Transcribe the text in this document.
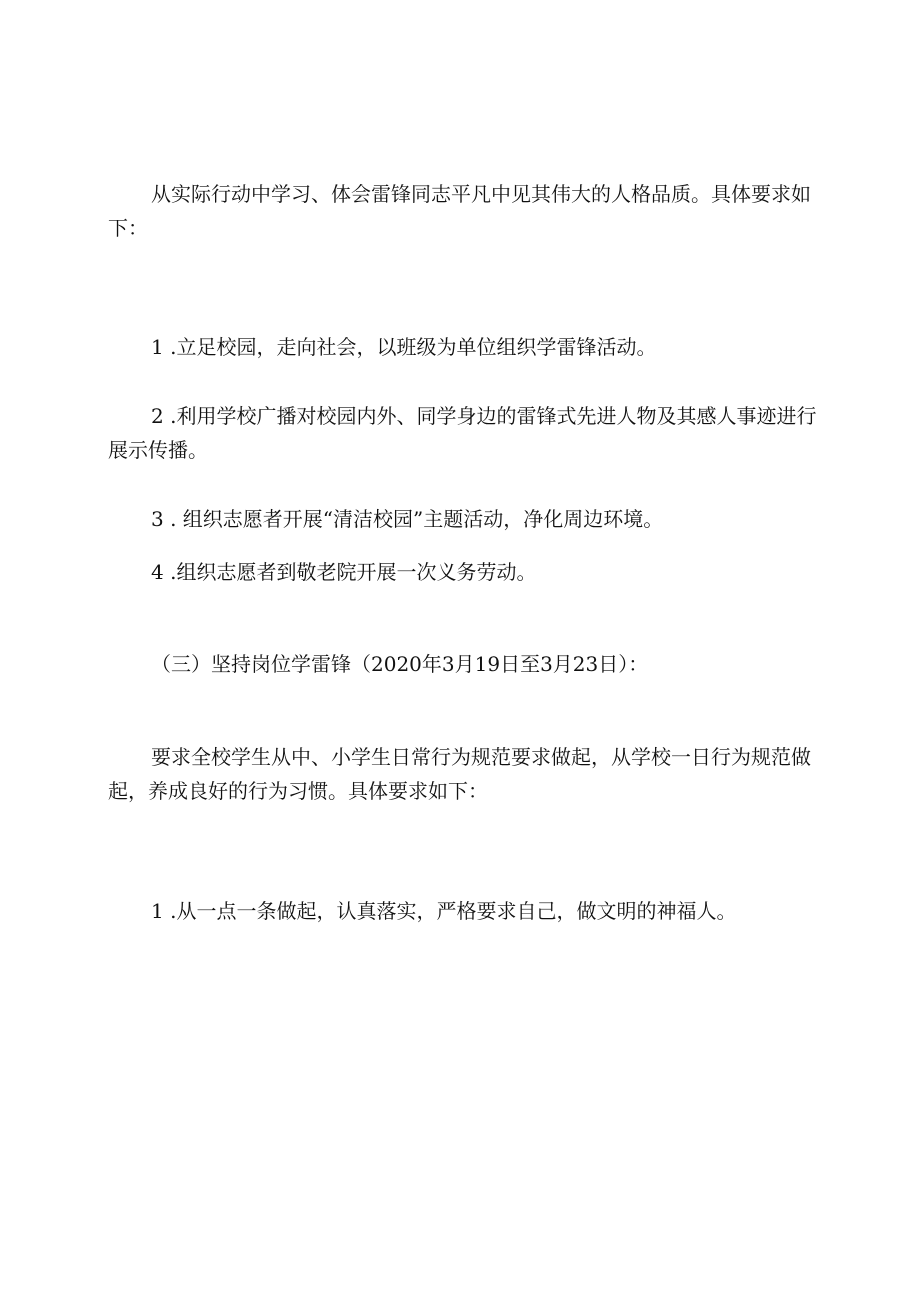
从实际行动中学习、体会雷锋同志平凡中见其伟大的人格品质。具体要求如下：

1 .立足校园，走向社会，以班级为单位组织学雷锋活动。

2 .利用学校广播对校园内外、同学身边的雷锋式先进人物及其感人事迹进行展示传播。

3 . 组织志愿者开展“清洁校园”主题活动，净化周边环境。

4 .组织志愿者到敬老院开展一次义务劳动。

（三）坚持岗位学雷锋（2020年3月19日至3月23日）：

要求全校学生从中、小学生日常行为规范要求做起，从学校一日行为规范做起，养成良好的行为习惯。具体要求如下：

1 .从一点一条做起，认真落实，严格要求自己，做文明的神福人。
